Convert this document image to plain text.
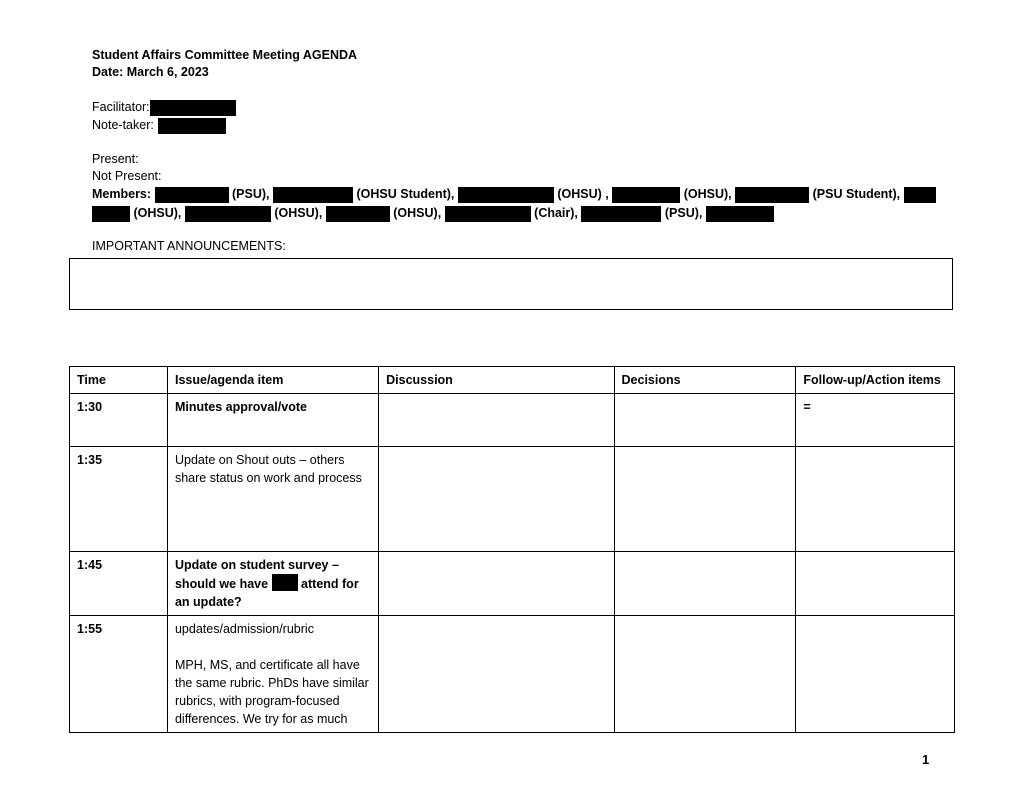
Student Affairs Committee Meeting AGENDA
Date: March 6, 2023
Facilitator:
Note-taker:
Present:
Not Present:
Members:	(PSU),	(OHSU Student),	(OHSU) ,	(OHSU),	(PSU Student),
(OHSU),	(OHSU),	(OHSU),	(Chair),	(PSU),
IMPORTANT ANNOUNCEMENTS:
Time	Issue/agenda item	Discussion	Decisions	Follow-up/Action items
1:30	Minutes approval/vote			=
1:35	Update on Shout outs – others share status on work and process			
1:45	Update on student survey – should we have attend for an update?			
1:55	updates/admission/rubric

MPH, MS, and certificate all have the same rubric. PhDs have similar rubrics, with program-focused differences. We try for as much			

1
